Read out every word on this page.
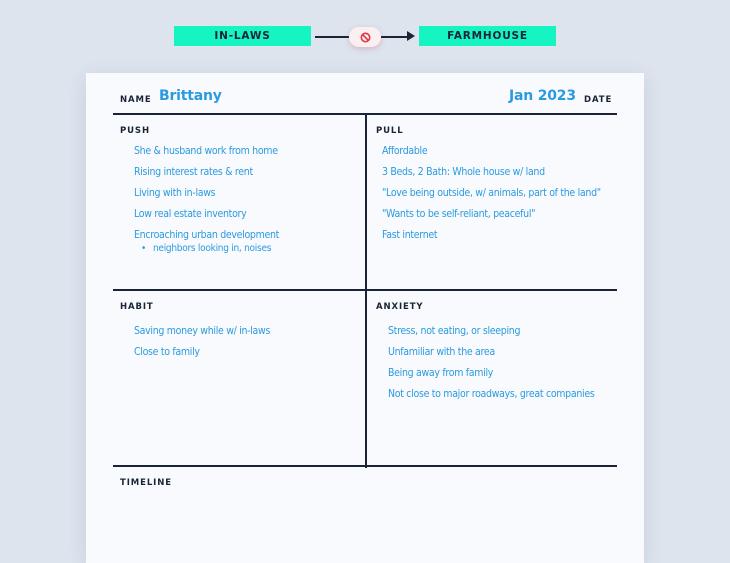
IN-LAWS	FARMHOUSE
NAME Brittany	Jan 2023 DATE
PUSH
She & husband work from home
Rising interest rates & rent
Living with in-laws
Low real estate inventory
Encroaching urban development
• neighbors looking in, noises
PULL
Affordable
3 Beds, 2 Bath: Whole house w/ land
"Love being outside, w/ animals, part of the land"
"Wants to be self-reliant, peaceful"
Fast internet
HABIT
Saving money while w/ in-laws
Close to family
ANXIETY
Stress, not eating, or sleeping
Unfamiliar with the area
Being away from family
Not close to major roadways, great companies
TIMELINE
